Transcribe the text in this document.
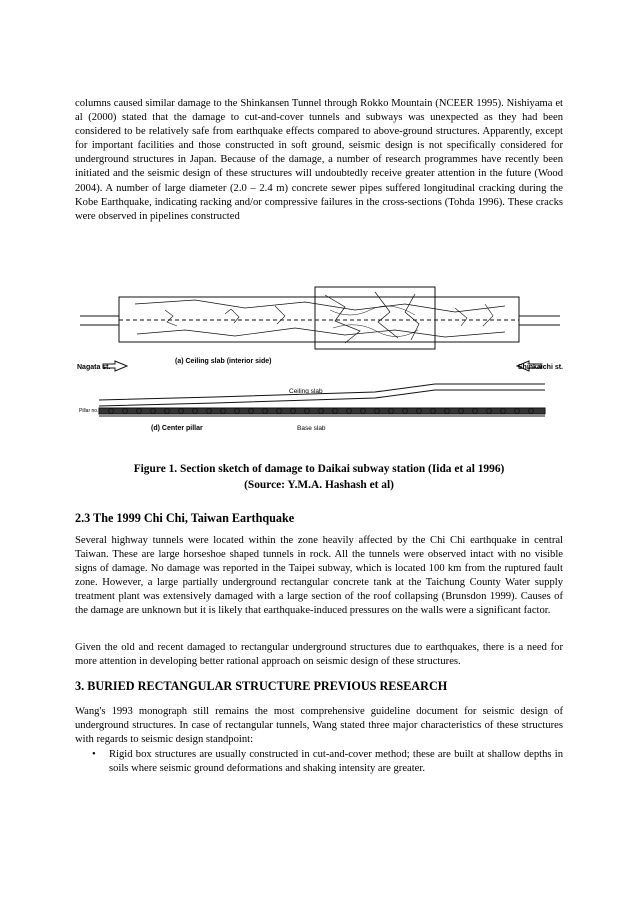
columns caused similar damage to the Shinkansen Tunnel through Rokko Mountain (NCEER 1995). Nishiyama et al (2000) stated that the damage to cut-and-cover tunnels and subways was unexpected as they had been considered to be relatively safe from earthquake effects compared to above-ground structures. Apparently, except for important facilities and those constructed in soft ground, seismic design is not specifically considered for underground structures in Japan. Because of the damage, a number of research programmes have recently been initiated and the seismic design of these structures will undoubtedly receive greater attention in the future (Wood 2004). A number of large diameter (2.0 – 2.4 m) concrete sewer pipes suffered longitudinal cracking during the Kobe Earthquake, indicating racking and/or compressive failures in the cross-sections (Tohda 1996). These cracks were observed in pipelines constructed

Nagata st.	Shinkaichi st.
(a) Ceiling slab (interior side)
Ceiling slab
Pillar no.
(d) Center pillar	Base slab

Figure 1. Section sketch of damage to Daikai subway station (Iida et al 1996)

(Source: Y.M.A. Hashash et al)

2.3 The 1999 Chi Chi, Taiwan Earthquake

Several highway tunnels were located within the zone heavily affected by the Chi Chi earthquake in central Taiwan. These are large horseshoe shaped tunnels in rock. All the tunnels were observed intact with no visible signs of damage. No damage was reported in the Taipei subway, which is located 100 km from the ruptured fault zone. However, a large partially underground rectangular concrete tank at the Taichung County Water supply treatment plant was extensively damaged with a large section of the roof collapsing (Brunsdon 1999). Causes of the damage are unknown but it is likely that earthquake-induced pressures on the walls were a significant factor.

Given the old and recent damaged to rectangular underground structures due to earthquakes, there is a need for more attention in developing better rational approach on seismic design of these structures.

3. BURIED RECTANGULAR STRUCTURE PREVIOUS RESEARCH

Wang's 1993 monograph still remains the most comprehensive guideline document for seismic design of underground structures. In case of rectangular tunnels, Wang stated three major characteristics of these structures with regards to seismic design standpoint:

• Rigid box structures are usually constructed in cut-and-cover method; these are built at shallow depths in soils where seismic ground deformations and shaking intensity are greater.
